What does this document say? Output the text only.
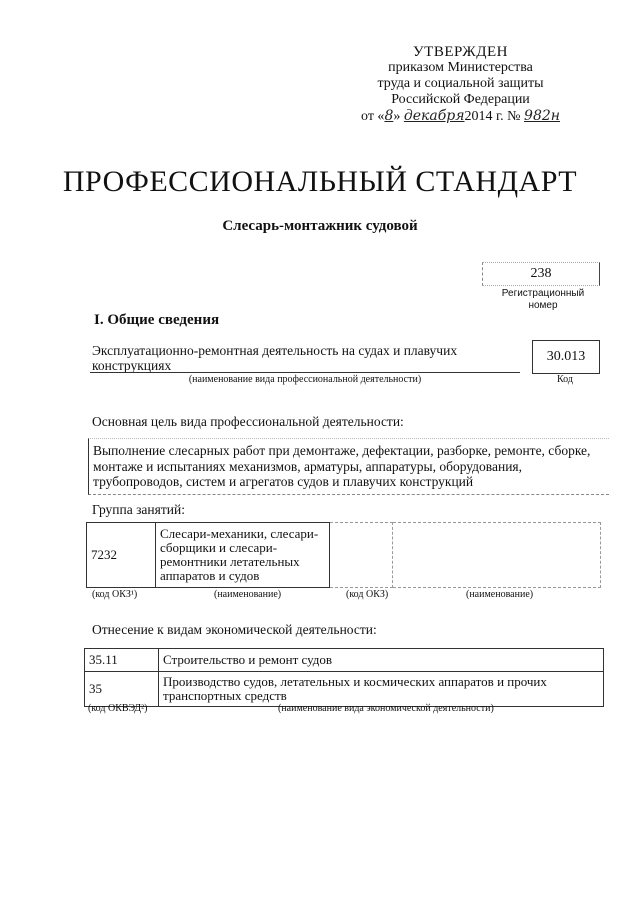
УТВЕРЖДЕН
приказом Министерства
труда и социальной защиты
Российской Федерации
от «8» декабря2014 г. № 982н
ПРОФЕССИОНАЛЬНЫЙ СТАНДАРТ
Слесарь-монтажник судовой
238
Регистрационный номер
I. Общие сведения
Эксплуатационно-ремонтная деятельность на судах и плавучих конструкциях
30.013
(наименование вида профессиональной деятельности)	Код
Основная цель вида профессиональной деятельности:
Выполнение слесарных работ при демонтаже, дефектации, разборке, ремонте, сборке, монтаже и испытаниях механизмов, арматуры, аппаратуры, оборудования, трубопроводов, систем и агрегатов судов и плавучих конструкций
Группа занятий:
7232	Слесари-механики, слесари-сборщики и слесари-ремонтники летательных аппаратов и судов		
(код ОКЗ¹)	(наименование)	(код ОКЗ)	(наименование)
Отнесение к видам экономической деятельности:
35.11	Строительство и ремонт судов
35	Производство судов, летательных и космических аппаратов и прочих транспортных средств
(код ОКВЭД²)	(наименование вида экономической деятельности)
